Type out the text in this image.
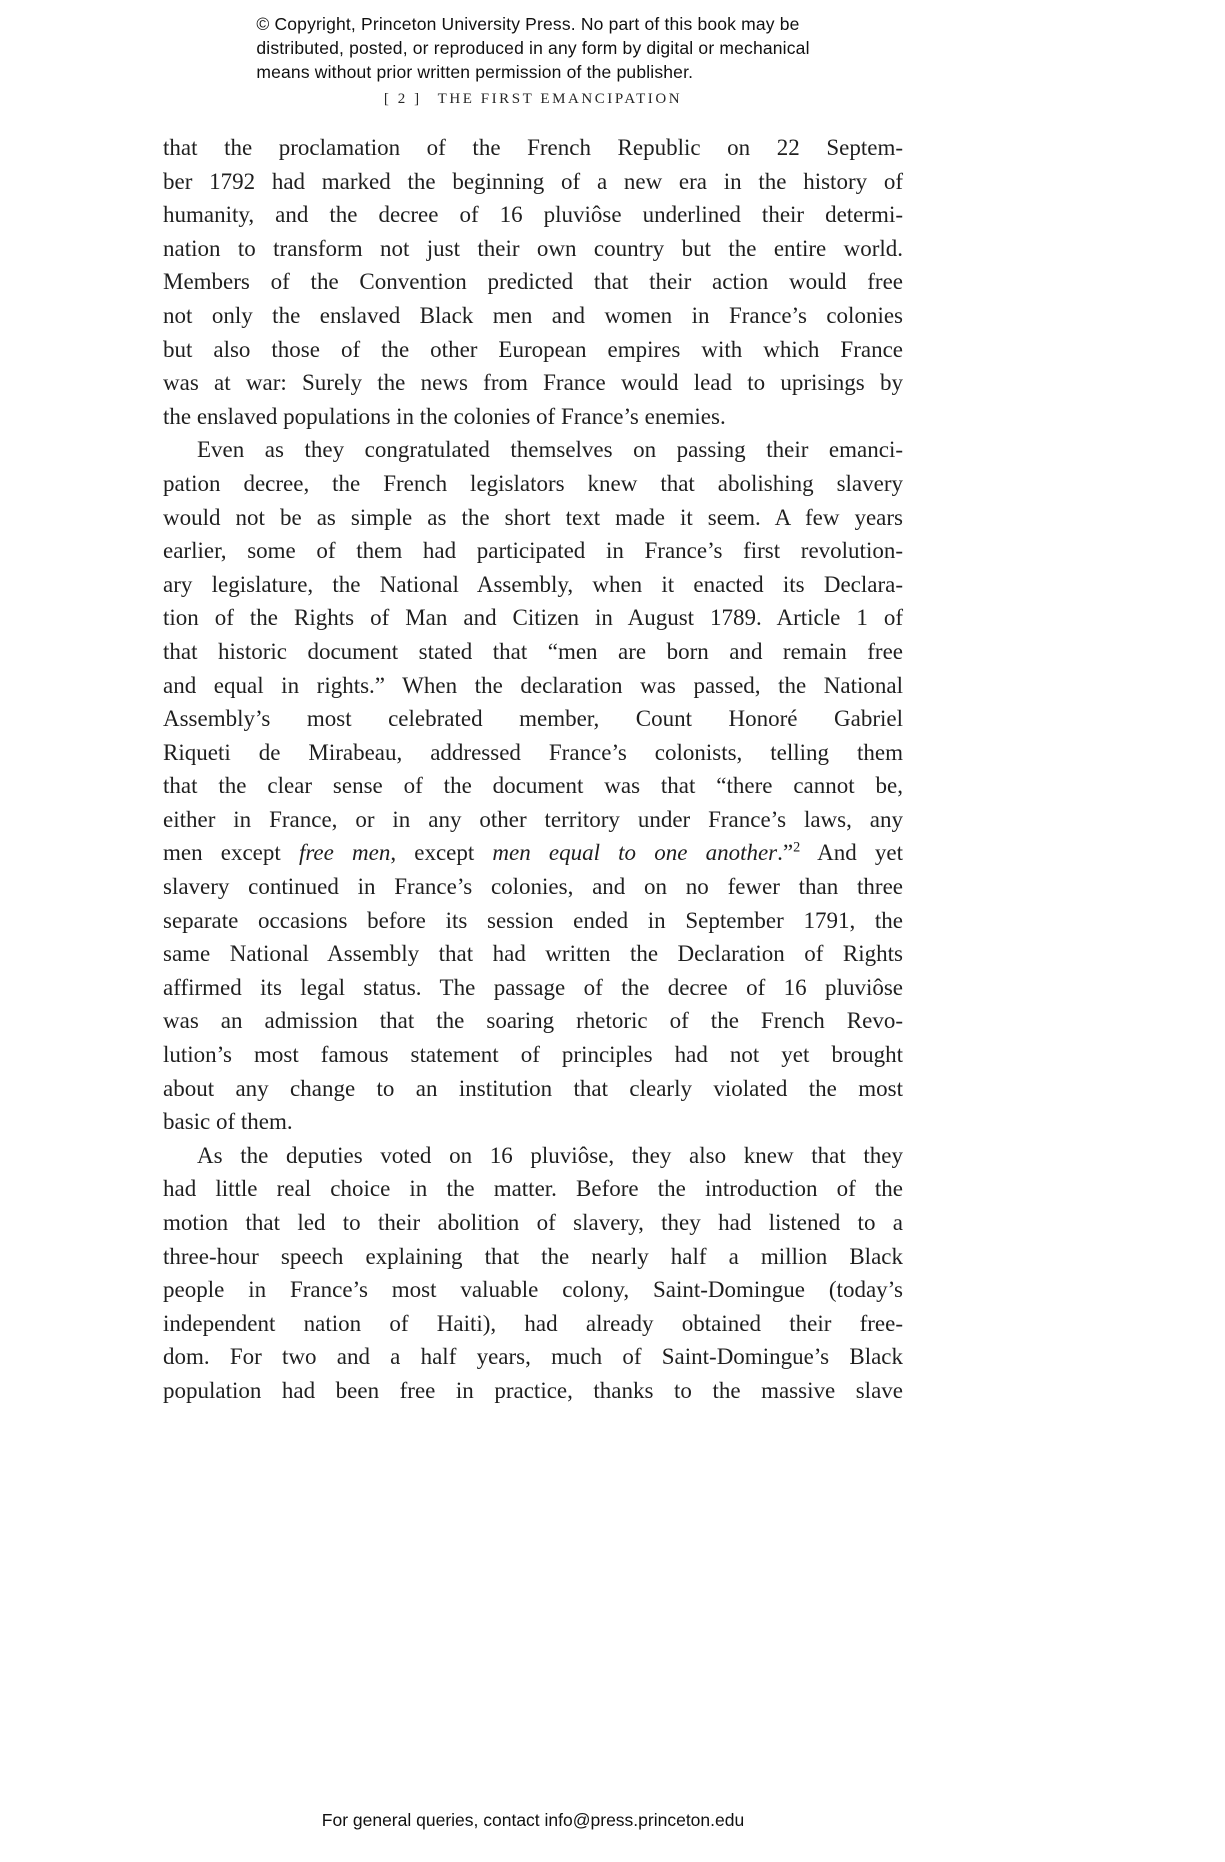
© Copyright, Princeton University Press. No part of this book may be
distributed, posted, or reproduced in any form by digital or mechanical
means without prior written permission of the publisher.
[ 2 ] THE FIRST EMANCIPATION
that the proclamation of the French Republic on 22 Septem-
ber 1792 had marked the beginning of a new era in the history of
humanity, and the decree of 16 pluviôse underlined their determi-
nation to transform not just their own country but the entire world.
Members of the Convention predicted that their action would free
not only the enslaved Black men and women in France’s colonies
but also those of the other European empires with which France
was at war: Surely the news from France would lead to uprisings by
the enslaved populations in the colonies of France’s enemies.
Even as they congratulated themselves on passing their emanci-
pation decree, the French legislators knew that abolishing slavery
would not be as simple as the short text made it seem. A few years
earlier, some of them had participated in France’s first revolution-
ary legislature, the National Assembly, when it enacted its Declara-
tion of the Rights of Man and Citizen in August 1789. Article 1 of
that historic document stated that “men are born and remain free
and equal in rights.” When the declaration was passed, the National
Assembly’s most celebrated member, Count Honoré Gabriel
Riqueti de Mirabeau, addressed France’s colonists, telling them
that the clear sense of the document was that “there cannot be,
either in France, or in any other territory under France’s laws, any
men except free men, except men equal to one another.”$^2$ And yet
slavery continued in France’s colonies, and on no fewer than three
separate occasions before its session ended in September 1791, the
same National Assembly that had written the Declaration of Rights
affirmed its legal status. The passage of the decree of 16 pluviôse
was an admission that the soaring rhetoric of the French Revo-
lution’s most famous statement of principles had not yet brought
about any change to an institution that clearly violated the most
basic of them.
As the deputies voted on 16 pluviôse, they also knew that they
had little real choice in the matter. Before the introduction of the
motion that led to their abolition of slavery, they had listened to a
three-hour speech explaining that the nearly half a million Black
people in France’s most valuable colony, Saint-Domingue (today’s
independent nation of Haiti), had already obtained their free-
dom. For two and a half years, much of Saint-Domingue’s Black
population had been free in practice, thanks to the massive slave
For general queries, contact info@press.princeton.edu
